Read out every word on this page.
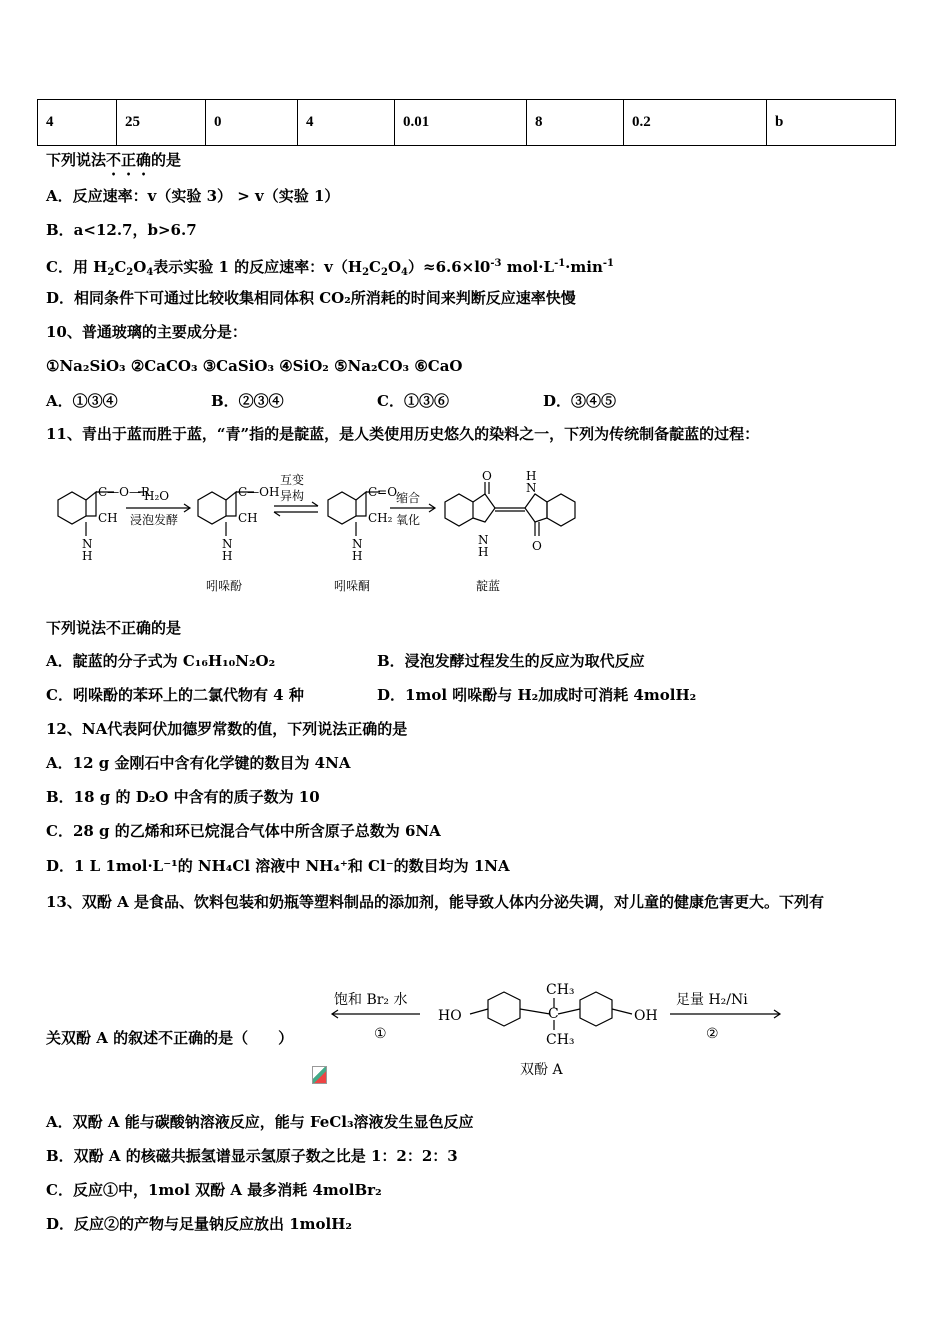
4	25	0	4	0.01	8	0.2	b
下列说法不正确的是
A．反应速率：v（实验 3） > v（实验 1）
B．a<12.7，b>6.7
C．用 $H_2C_2O_4$表示实验 1 的反应速率：$v(H_2C_2O_4)\approx 6.6\times l0^{-3}$ $mol\cdot L^{-1}\cdot\min^{-1}$
D．相同条件下可通过比较收集相同体积 CO₂所消耗的时间来判断反应速率快慢
10、普通玻璃的主要成分是：
①Na₂SiO₃ ②CaCO₃ ③CaSiO₃ ④SiO₂ ⑤Na₂CO₃ ⑥CaO
A．①③④	B．②③④	C．①③⑥	D．③④⑤
11、青出于蓝而胜于蓝，“青”指的是靛蓝，是人类使用历史悠久的染料之一，下列为传统制备靛蓝的过程：
C—O—R
CH
N
H
H₂O
浸泡发酵
C—OH
CH
N
H
互变
异构	C=O
CH₂
N
H
缩合
氧化
O
N
H
H
N
O
吲哚酚	吲哚酮	靛蓝
下列说法不正确的是
A．靛蓝的分子式为 C₁₆H₁₀N₂O₂	B．浸泡发酵过程发生的反应为取代反应
C．吲哚酚的苯环上的二氯代物有 4 种	D．1mol 吲哚酚与 H₂加成时可消耗 4molH₂
12、NA代表阿伏加德罗常数的值，下列说法正确的是
A．12 g 金刚石中含有化学键的数目为 4NA
B．18 g 的 D₂O 中含有的质子数为 10
C．28 g 的乙烯和环已烷混合气体中所含原子总数为 6NA
D．1 L 1mol·L⁻¹的 NH₄Cl 溶液中 NH₄⁺和 Cl⁻的数目均为 1NA
13、双酚 A 是食品、饮料包装和奶瓶等塑料制品的添加剂，能导致人体内分泌失调，对儿童的健康危害更大。下列有
关双酚 A 的叙述不正确的是（　　）
饱和 Br₂ 水
①
HO
CH₃
C
CH₃
OH
足量 H₂/Ni
②
双酚 A
A．双酚 A 能与碳酸钠溶液反应，能与 FeCl₃溶液发生显色反应
B．双酚 A 的核磁共振氢谱显示氢原子数之比是 1：2：2：3
C．反应①中，1mol 双酚 A 最多消耗 4molBr₂
D．反应②的产物与足量钠反应放出 1molH₂
